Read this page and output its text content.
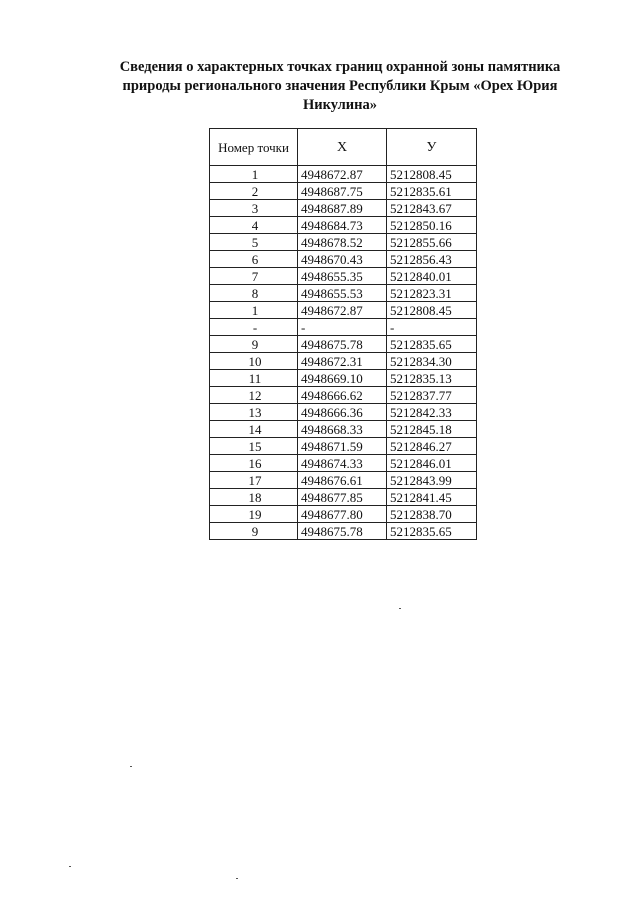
Сведения о характерных точках границ охранной зоны памятника
природы регионального значения Республики Крым «Орех Юрия
Никулина»
Номер точки	Х	У
1	4948672.87	5212808.45
2	4948687.75	5212835.61
3	4948687.89	5212843.67
4	4948684.73	5212850.16
5	4948678.52	5212855.66
6	4948670.43	5212856.43
7	4948655.35	5212840.01
8	4948655.53	5212823.31
1	4948672.87	5212808.45
-	-	-
9	4948675.78	5212835.65
10	4948672.31	5212834.30
11	4948669.10	5212835.13
12	4948666.62	5212837.77
13	4948666.36	5212842.33
14	4948668.33	5212845.18
15	4948671.59	5212846.27
16	4948674.33	5212846.01
17	4948676.61	5212843.99
18	4948677.85	5212841.45
19	4948677.80	5212838.70
9	4948675.78	5212835.65
